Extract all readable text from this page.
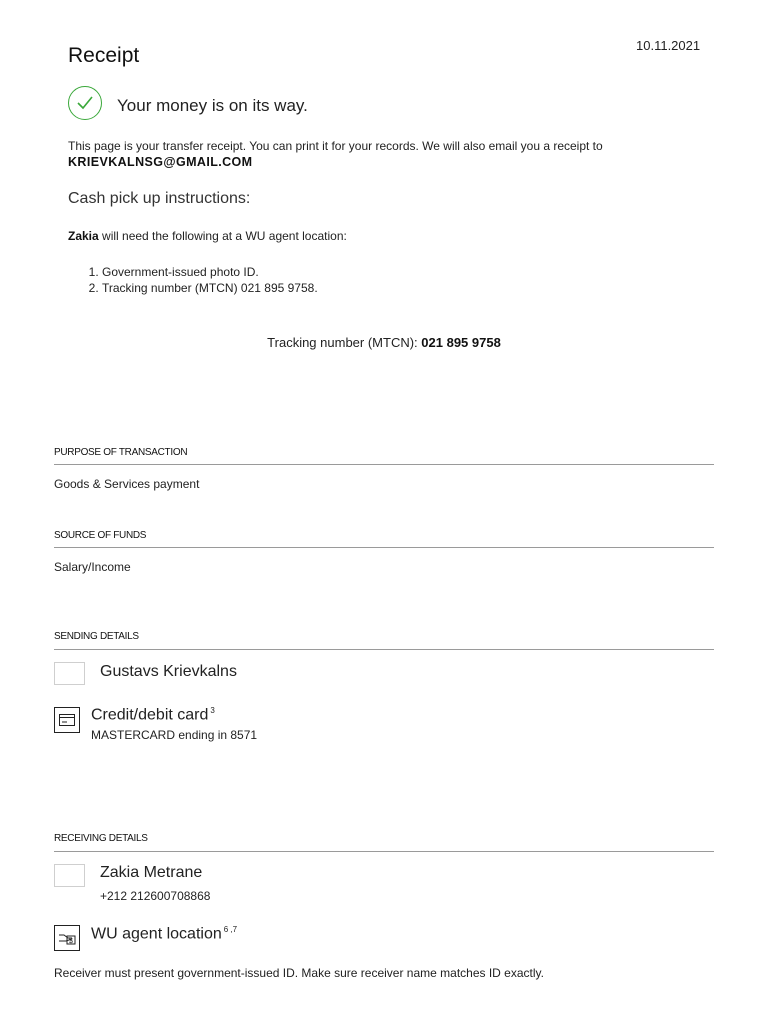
10.11.2021
Receipt
Your money is on its way.
This page is your transfer receipt. You can print it for your records. We will also email you a receipt to
KRIEVKALNSG@GMAIL.COM
Cash pick up instructions:
Zakia will need the following at a WU agent location:
1. Government-issued photo ID.
2. Tracking number (MTCN) 021 895 9758.
Tracking number (MTCN): 021 895 9758
PURPOSE OF TRANSACTION
Goods & Services payment
SOURCE OF FUNDS
Salary/Income
SENDING DETAILS
Gustavs Krievkalns
Credit/debit card $^3$
MASTERCARD ending in 8571
RECEIVING DETAILS
Zakia Metrane
+212 212600708868
$ WU agent location $^{6 ,7}$
Receiver must present government-issued ID. Make sure receiver name matches ID exactly.
